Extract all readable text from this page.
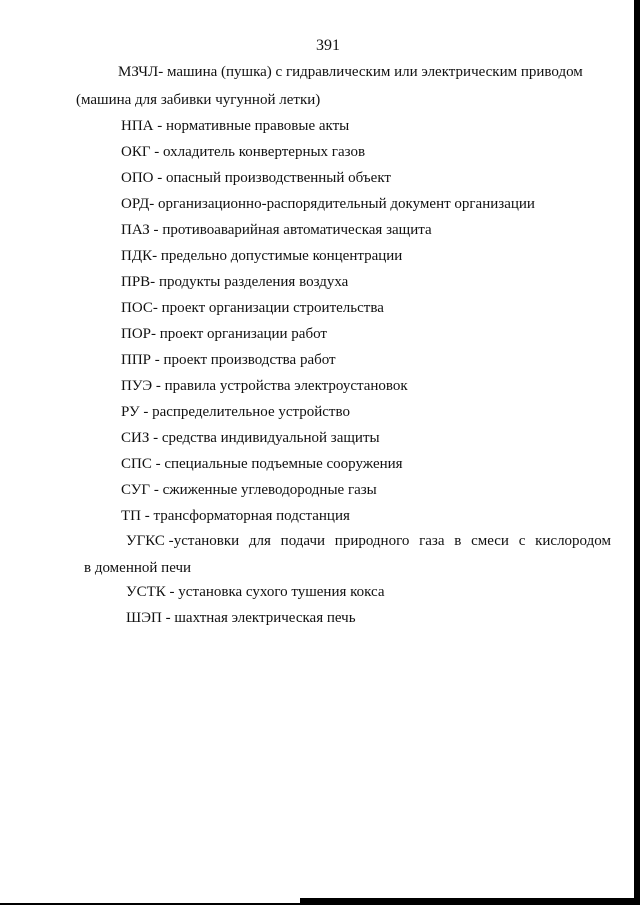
391
МЗЧЛ- машина (пушка) с гидравлическим или электрическим приводом
(машина для забивки чугунной летки)
НПА - нормативные правовые акты
ОКГ - охладитель конвертерных газов
ОПО - опасный производственный объект
ОРД- организационно-распорядительный документ организации
ПАЗ - противоаварийная автоматическая защита
ПДК- предельно допустимые концентрации
ПРВ- продукты разделения воздуха
ПОС- проект организации строительства
ПОР- проект организации работ
ППР - проект производства работ
ПУЭ - правила устройства электроустановок
РУ - распределительное устройство
СИЗ - средства индивидуальной защиты
СПС - специальные подъемные сооружения
СУГ - сжиженные углеводородные газы
ТП - трансформаторная подстанция
УГКС - установки для подачи природного газа в смеси с кислородом
в доменной печи
УСТК - установка сухого тушения кокса
ШЭП - шахтная электрическая печь
